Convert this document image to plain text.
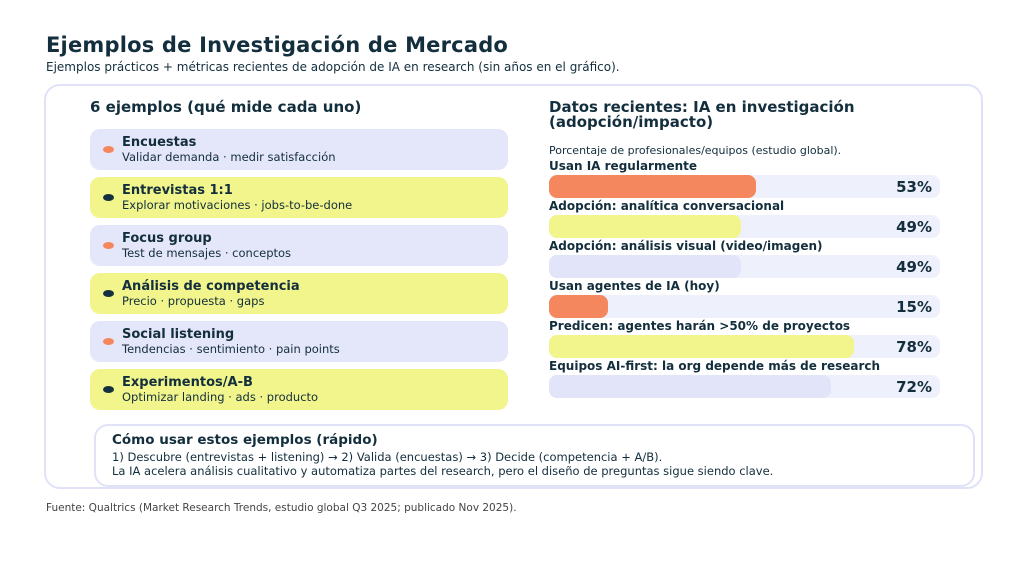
Ejemplos de Investigación de Mercado

Ejemplos prácticos + métricas recientes de adopción de IA en research (sin años en el gráfico).

6 ejemplos (qué mide cada uno)
Encuestas
Validar demanda · medir satisfacción
Entrevistas 1:1
Explorar motivaciones · jobs-to-be-done
Focus group
Test de mensajes · conceptos
Análisis de competencia
Precio · propuesta · gaps
Social listening
Tendencias · sentimiento · pain points
Experimentos/A-B
Optimizar landing · ads · producto
Datos recientes: IA en investigación (adopción/impacto)

Porcentaje de profesionales/equipos (estudio global).

Usan IA regularmente
53%
Adopción: analítica conversacional
49%
Adopción: análisis visual (video/imagen)
49%
Usan agentes de IA (hoy)
15%
Predicen: agentes harán >50% de proyectos
78%
Equipos AI-first: la org depende más de research
72%
Cómo usar estos ejemplos (rápido)

1) Descubre (entrevistas + listening) → 2) Valida (encuestas) → 3) Decide (competencia + A/B).

La IA acelera análisis cualitativo y automatiza partes del research, pero el diseño de preguntas sigue siendo clave.

Fuente: Qualtrics (Market Research Trends, estudio global Q3 2025; publicado Nov 2025).
